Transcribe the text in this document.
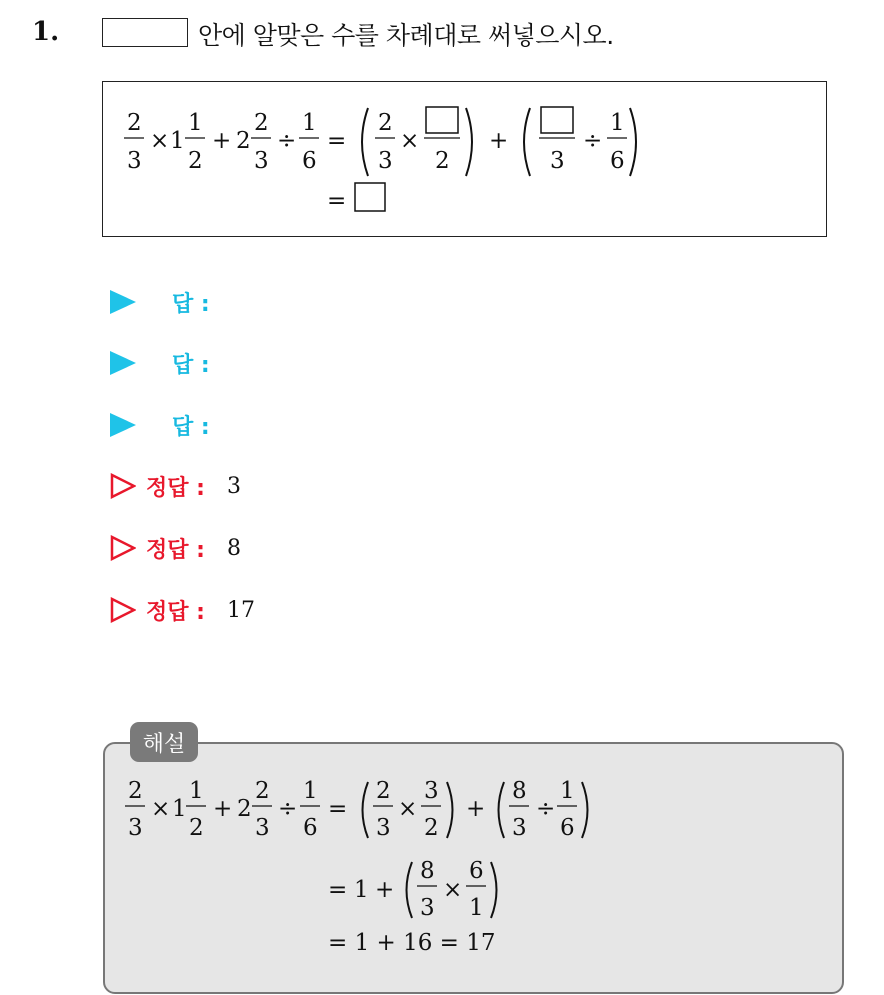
1.	안에 알맞은 수를 차례대로 써넣으시오.
2
3
× 1
1
2
+ 2
2
3
÷
1
6
=
2
3
×
2
+
3
÷
1
6
=
답 :
답 :
답 :
정답 : 3
정답 : 8
정답 : 17
해설
2
3
× 1
1
2
+ 2
2
3
÷
1
6
=
2
3
×
3
2
+
8
3
÷
1
6
= 1 +
8
3
×
6
1
= 1 + 16 = 17
